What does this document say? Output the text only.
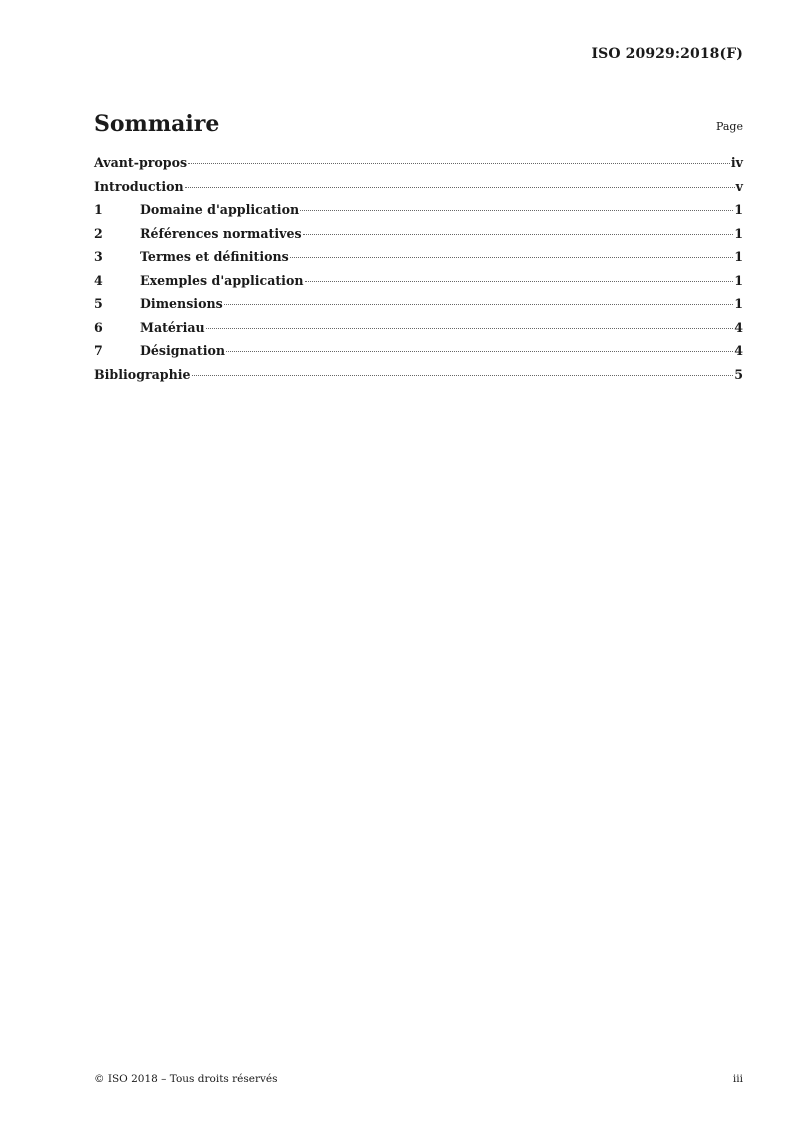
ISO 20929:2018(F)
Sommaire	Page
Avant-propos	iv
Introduction	v
1	Domaine d'application	1
2	Références normatives	1
3	Termes et définitions	1
4	Exemples d'application	1
5	Dimensions	1
6	Matériau	4
7	Désignation	4
Bibliographie	5
© ISO 2018 – Tous droits réservés	iii
